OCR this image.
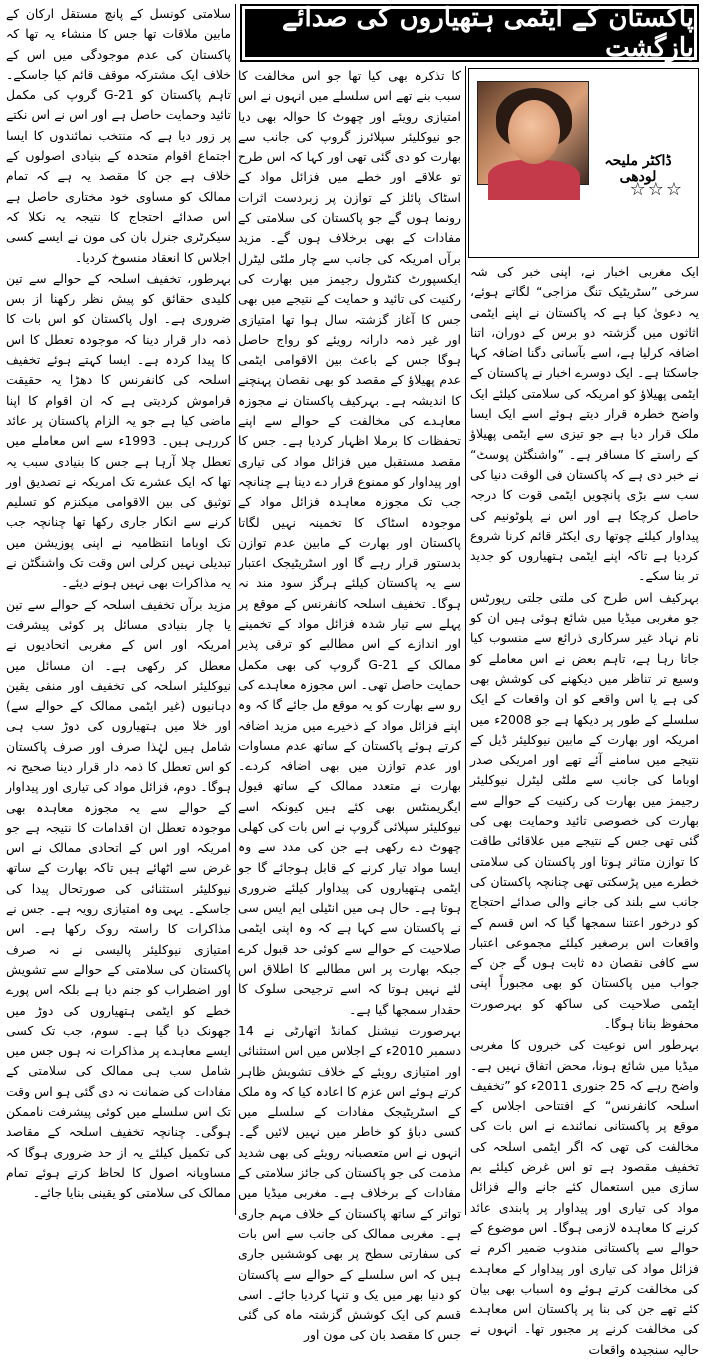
پاکستان کے ایٹمی ہتھیاروں کی صدائے بازگشت
ڈاکٹر ملیحہ لودھی
☆☆☆

ایک مغربی اخبار نے، اپنی خبر کی شہ سرخی ”سٹریٹیک تنگ مزاجی“ لگاتے ہوئے، یہ دعویٰ کیا ہے کہ پاکستان نے اپنے ایٹمی اثاثوں میں گزشتہ دو برس کے دوران، اتنا اضافہ کرلیا ہے، اسے بآسانی دگنا اضافہ کہا جاسکتا ہے۔ ایک دوسرے اخبار نے پاکستان کے ایٹمی پھیلاؤ کو امریکہ کی سلامتی کیلئے ایک واضح خطرہ قرار دیتے ہوئے اسے ایک ایسا ملک قرار دیا ہے جو تیزی سے ایٹمی پھیلاؤ کے راستے کا مسافر ہے۔ ”واشنگٹن پوسٹ“ نے خبر دی ہے کہ پاکستان فی الوقت دنیا کی سب سے بڑی پانچویں ایٹمی قوت کا درجہ حاصل کرچکا ہے اور اس نے پلوٹونیم کی پیداوار کیلئے چوتھا ری ایکٹر قائم کرنا شروع کردیا ہے تاکہ اپنے ایٹمی ہتھیاروں کو جدید تر بنا سکے۔

بہرکیف اس طرح کی ملتی جلتی رپورٹس جو مغربی میڈیا میں شائع ہوئی ہیں ان کو نام نہاد غیر سرکاری ذرائع سے منسوب کیا جاتا رہا ہے، تاہم بعض نے اس معاملے کو وسیع تر تناظر میں دیکھنے کی کوشش بھی کی ہے یا اس واقعے کو ان واقعات کے ایک سلسلے کے طور پر دیکھا ہے جو 2008ء میں امریکہ اور بھارت کے مابین نیوکلیئر ڈیل کے نتیجے میں سامنے آئے تھے اور امریکی صدر اوباما کی جانب سے ملٹی لیٹرل نیوکلیئر رجیمز میں بھارت کی رکنیت کے حوالے سے بھارت کی خصوصی تائید وحمایت بھی کی گئی تھی جس کے نتیجے میں علاقائی طاقت کا توازن متاثر ہوتا اور پاکستان کی سلامتی خطرے میں پڑسکتی تھی چنانچہ پاکستان کی جانب سے بلند کی جانے والی صدائے احتجاج کو درخور اعتنا سمجھا گیا کہ اس قسم کے واقعات اس برصغیر کیلئے مجموعی اعتبار سے کافی نقصان دہ ثابت ہوں گے جن کے جواب میں پاکستان کو بھی مجبوراً اپنی ایٹمی صلاحیت کی ساکھ کو بہرصورت محفوظ بنانا ہوگا۔

بہرطور اس نوعیت کی خبروں کا مغربی میڈیا میں شائع ہونا، محض اتفاق نہیں ہے۔ واضح رہے کہ 25 جنوری 2011ء کو ”تخفیف اسلحہ کانفرنس“ کے افتتاحی اجلاس کے موقع پر پاکستانی نمائندے نے اس بات کی مخالفت کی تھی کہ اگر ایٹمی اسلحہ کی تخفیف مقصود ہے تو اس غرض کیلئے بم سازی میں استعمال کئے جانے والے فزائل مواد کی تیاری اور پیداوار پر پابندی عائد کرنے کا معاہدہ لازمی ہوگا۔ اس موضوع کے حوالے سے پاکستانی مندوب ضمیر اکرم نے فزائل مواد کی تیاری اور پیداوار کے معاہدے کی مخالفت کرتے ہوئے وہ اسباب بھی بیان کئے تھے جن کی بنا پر پاکستان اس معاہدے کی مخالفت کرنے پر مجبور تھا۔ انہوں نے حالیہ سنجیدہ واقعات

کا تذکرہ بھی کیا تھا جو اس مخالفت کا سبب بنے تھے اس سلسلے میں انہوں نے اس امتیازی رویئے اور چھوٹ کا حوالہ بھی دیا جو نیوکلیئر سپلائرز گروپ کی جانب سے بھارت کو دی گئی تھی اور کہا کہ اس طرح تو علاقے اور خطے میں فزائل مواد کے اسٹاک پائلز کے توازن پر زبردست اثرات رونما ہوں گے جو پاکستان کی سلامتی کے مفادات کے بھی برخلاف ہوں گے۔ مزید برآں امریکہ کی جانب سے چار ملٹی لیٹرل ایکسپورٹ کنٹرول رجیمز میں بھارت کی رکنیت کی تائید و حمایت کے نتیجے میں بھی جس کا آغاز گزشتہ سال ہوا تھا امتیازی اور غیر ذمہ دارانہ رویئے کو رواج حاصل ہوگا جس کے باعث بین الاقوامی ایٹمی عدم پھیلاؤ کے مقصد کو بھی نقصان پہنچنے کا اندیشہ ہے۔ بہرکیف پاکستان نے مجوزہ معاہدے کی مخالفت کے حوالے سے اپنے تحفظات کا برملا اظہار کردیا ہے۔ جس کا مقصد مستقبل میں فزائل مواد کی تیاری اور پیداوار کو ممنوع قرار دے دینا ہے چنانچہ جب تک مجوزہ معاہدہ فزائل مواد کے موجودہ اسٹاک کا تخمینہ نہیں لگاتا پاکستان اور بھارت کے مابین عدم توازن بدستور قرار رہے گا اور اسٹریٹیجک اعتبار سے یہ پاکستان کیلئے ہرگز سود مند نہ ہوگا۔ تخفیف اسلحہ کانفرنس کے موقع پر پہلے سے تیار شدہ فزائل مواد کے تخمینے اور اندازے کے اس مطالبے کو ترقی پذیر ممالک کے G-21 گروپ کی بھی مکمل حمایت حاصل تھی۔ اس مجوزہ معاہدے کی رو سے بھارت کو یہ موقع مل جائے گا کہ وہ اپنے فزائل مواد کے ذخیرے میں مزید اضافہ کرتے ہوئے پاکستان کے ساتھ عدم مساوات اور عدم توازن میں بھی اضافہ کردے۔ بھارت نے متعدد ممالک کے ساتھ فیول ایگریمنٹس بھی کئے ہیں کیونکہ اسے نیوکلیئر سپلائی گروپ نے اس بات کی کھلی چھوٹ دے رکھی ہے جن کی مدد سے وہ ایسا مواد تیار کرنے کے قابل ہوجائے گا جو ایٹمی ہتھیاروں کی پیداوار کیلئے ضروری ہوتا ہے۔ حال ہی میں انٹیلی ایم ایس سی نے پاکستان سے کہا ہے کہ وہ اپنی ایٹمی صلاحیت کے حوالے سے کوئی حد قبول کرے جبکہ بھارت پر اس مطالبے کا اطلاق اس لئے نہیں ہوتا کہ اسے ترجیحی سلوک کا حقدار سمجھا گیا ہے۔

بہرصورت نیشنل کمانڈ اتھارٹی نے 14 دسمبر 2010ء کے اجلاس میں اس استثنائی اور امتیازی رویئے کے خلاف تشویش ظاہر کرتے ہوئے اس عزم کا اعادہ کیا کہ وہ ملک کے اسٹریٹیجک مفادات کے سلسلے میں کسی دباؤ کو خاطر میں نہیں لائیں گے۔ انہوں نے اس متعصبانہ رویئے کی بھی شدید مذمت کی جو پاکستان کی جائز سلامتی کے مفادات کے برخلاف ہے۔ مغربی میڈیا میں تواتر کے ساتھ پاکستان کے خلاف مہم جاری ہے۔ مغربی ممالک کی جانب سے اس بات کی سفارتی سطح پر بھی کوششیں جاری ہیں کہ اس سلسلے کے حوالے سے پاکستان کو دنیا بھر میں یک و تنہا کردیا جائے۔ اسی قسم کی ایک کوشش گزشتہ ماہ کی گئی جس کا مقصد بان کی مون اور

سلامتی کونسل کے پانچ مستقل ارکان کے مابین ملاقات تھا جس کا منشاء یہ تھا کہ پاکستان کی عدم موجودگی میں اس کے خلاف ایک مشترکہ موقف قائم کیا جاسکے۔ تاہم پاکستان کو G-21 گروپ کی مکمل تائید وحمایت حاصل ہے اور اس نے اس نکتے پر زور دیا ہے کہ منتخب نمائندوں کا ایسا اجتماع اقوام متحدہ کے بنیادی اصولوں کے خلاف ہے جن کا مقصد یہ ہے کہ تمام ممالک کو مساوی خود مختاری حاصل ہے اس صدائے احتجاج کا نتیجہ یہ نکلا کہ سیکرٹری جنرل بان کی مون نے ایسے کسی اجلاس کا انعقاد منسوخ کردیا۔

بہرطور، تخفیف اسلحہ کے حوالے سے تین کلیدی حقائق کو پیش نظر رکھنا از بس ضروری ہے۔ اول پاکستان کو اس بات کا ذمہ دار قرار دینا کہ موجودہ تعطل کا اس کا پیدا کردہ ہے۔ ایسا کہتے ہوئے تخفیف اسلحہ کی کانفرنس کا دھڑا یہ حقیقت فراموش کردیتی ہے کہ ان اقوام کا اپنا ماضی کیا ہے جو یہ الزام پاکستان پر عائد کررہی ہیں۔ 1993ء سے اس معاملے میں تعطل چلا آرہا ہے جس کا بنیادی سبب یہ تھا کہ ایک عشرے تک امریکہ نے تصدیق اور توثیق کی بین الاقوامی میکنزم کو تسلیم کرنے سے انکار جاری رکھا تھا چنانچہ جب تک اوباما انتظامیہ نے اپنی پوزیشن میں تبدیلی نہیں کرلی اس وقت تک واشنگٹن نے یہ مذاکرات بھی نہیں ہونے دیئے۔

مزید برآں تخفیف اسلحہ کے حوالے سے تین یا چار بنیادی مسائل پر کوئی پیشرفت امریکہ اور اس کے مغربی اتحادیوں نے معطل کر رکھی ہے۔ ان مسائل میں نیوکلیئر اسلحہ کی تخفیف اور منفی یقین دہانیوں (غیر ایٹمی ممالک کے حوالے سے) اور خلا میں ہتھیاروں کی دوڑ سب ہی شامل ہیں لہٰذا صرف اور صرف پاکستان کو اس تعطل کا ذمہ دار قرار دینا صحیح نہ ہوگا۔ دوم، فزائل مواد کی تیاری اور پیداوار کے حوالے سے یہ مجوزہ معاہدہ بھی موجودہ تعطل ان اقدامات کا نتیجہ ہے جو امریکہ اور اس کے اتحادی ممالک نے اس غرض سے اٹھائے ہیں تاکہ بھارت کے ساتھ نیوکلیئر استثنائی کی صورتحال پیدا کی جاسکے۔ یہی وہ امتیازی رویہ ہے۔ جس نے مذاکرات کا راستہ روک رکھا ہے۔ اس امتیازی نیوکلیئر پالیسی نے نہ صرف پاکستان کی سلامتی کے حوالے سے تشویش اور اضطراب کو جنم دیا ہے بلکہ اس پورے خطے کو ایٹمی ہتھیاروں کی دوڑ میں جھونک دیا گیا ہے۔ سوم، جب تک کسی ایسے معاہدے پر مذاکرات نہ ہوں جس میں شامل سب ہی ممالک کی سلامتی کے مفادات کی ضمانت نہ دی گئی ہو اس وقت تک اس سلسلے میں کوئی پیشرفت ناممکن ہوگی۔ چنانچہ تخفیف اسلحہ کے مقاصد کی تکمیل کیلئے یہ از حد ضروری ہوگا کہ مساویانہ اصول کا لحاظ کرتے ہوئے تمام ممالک کی سلامتی کو یقینی بنایا جائے۔
